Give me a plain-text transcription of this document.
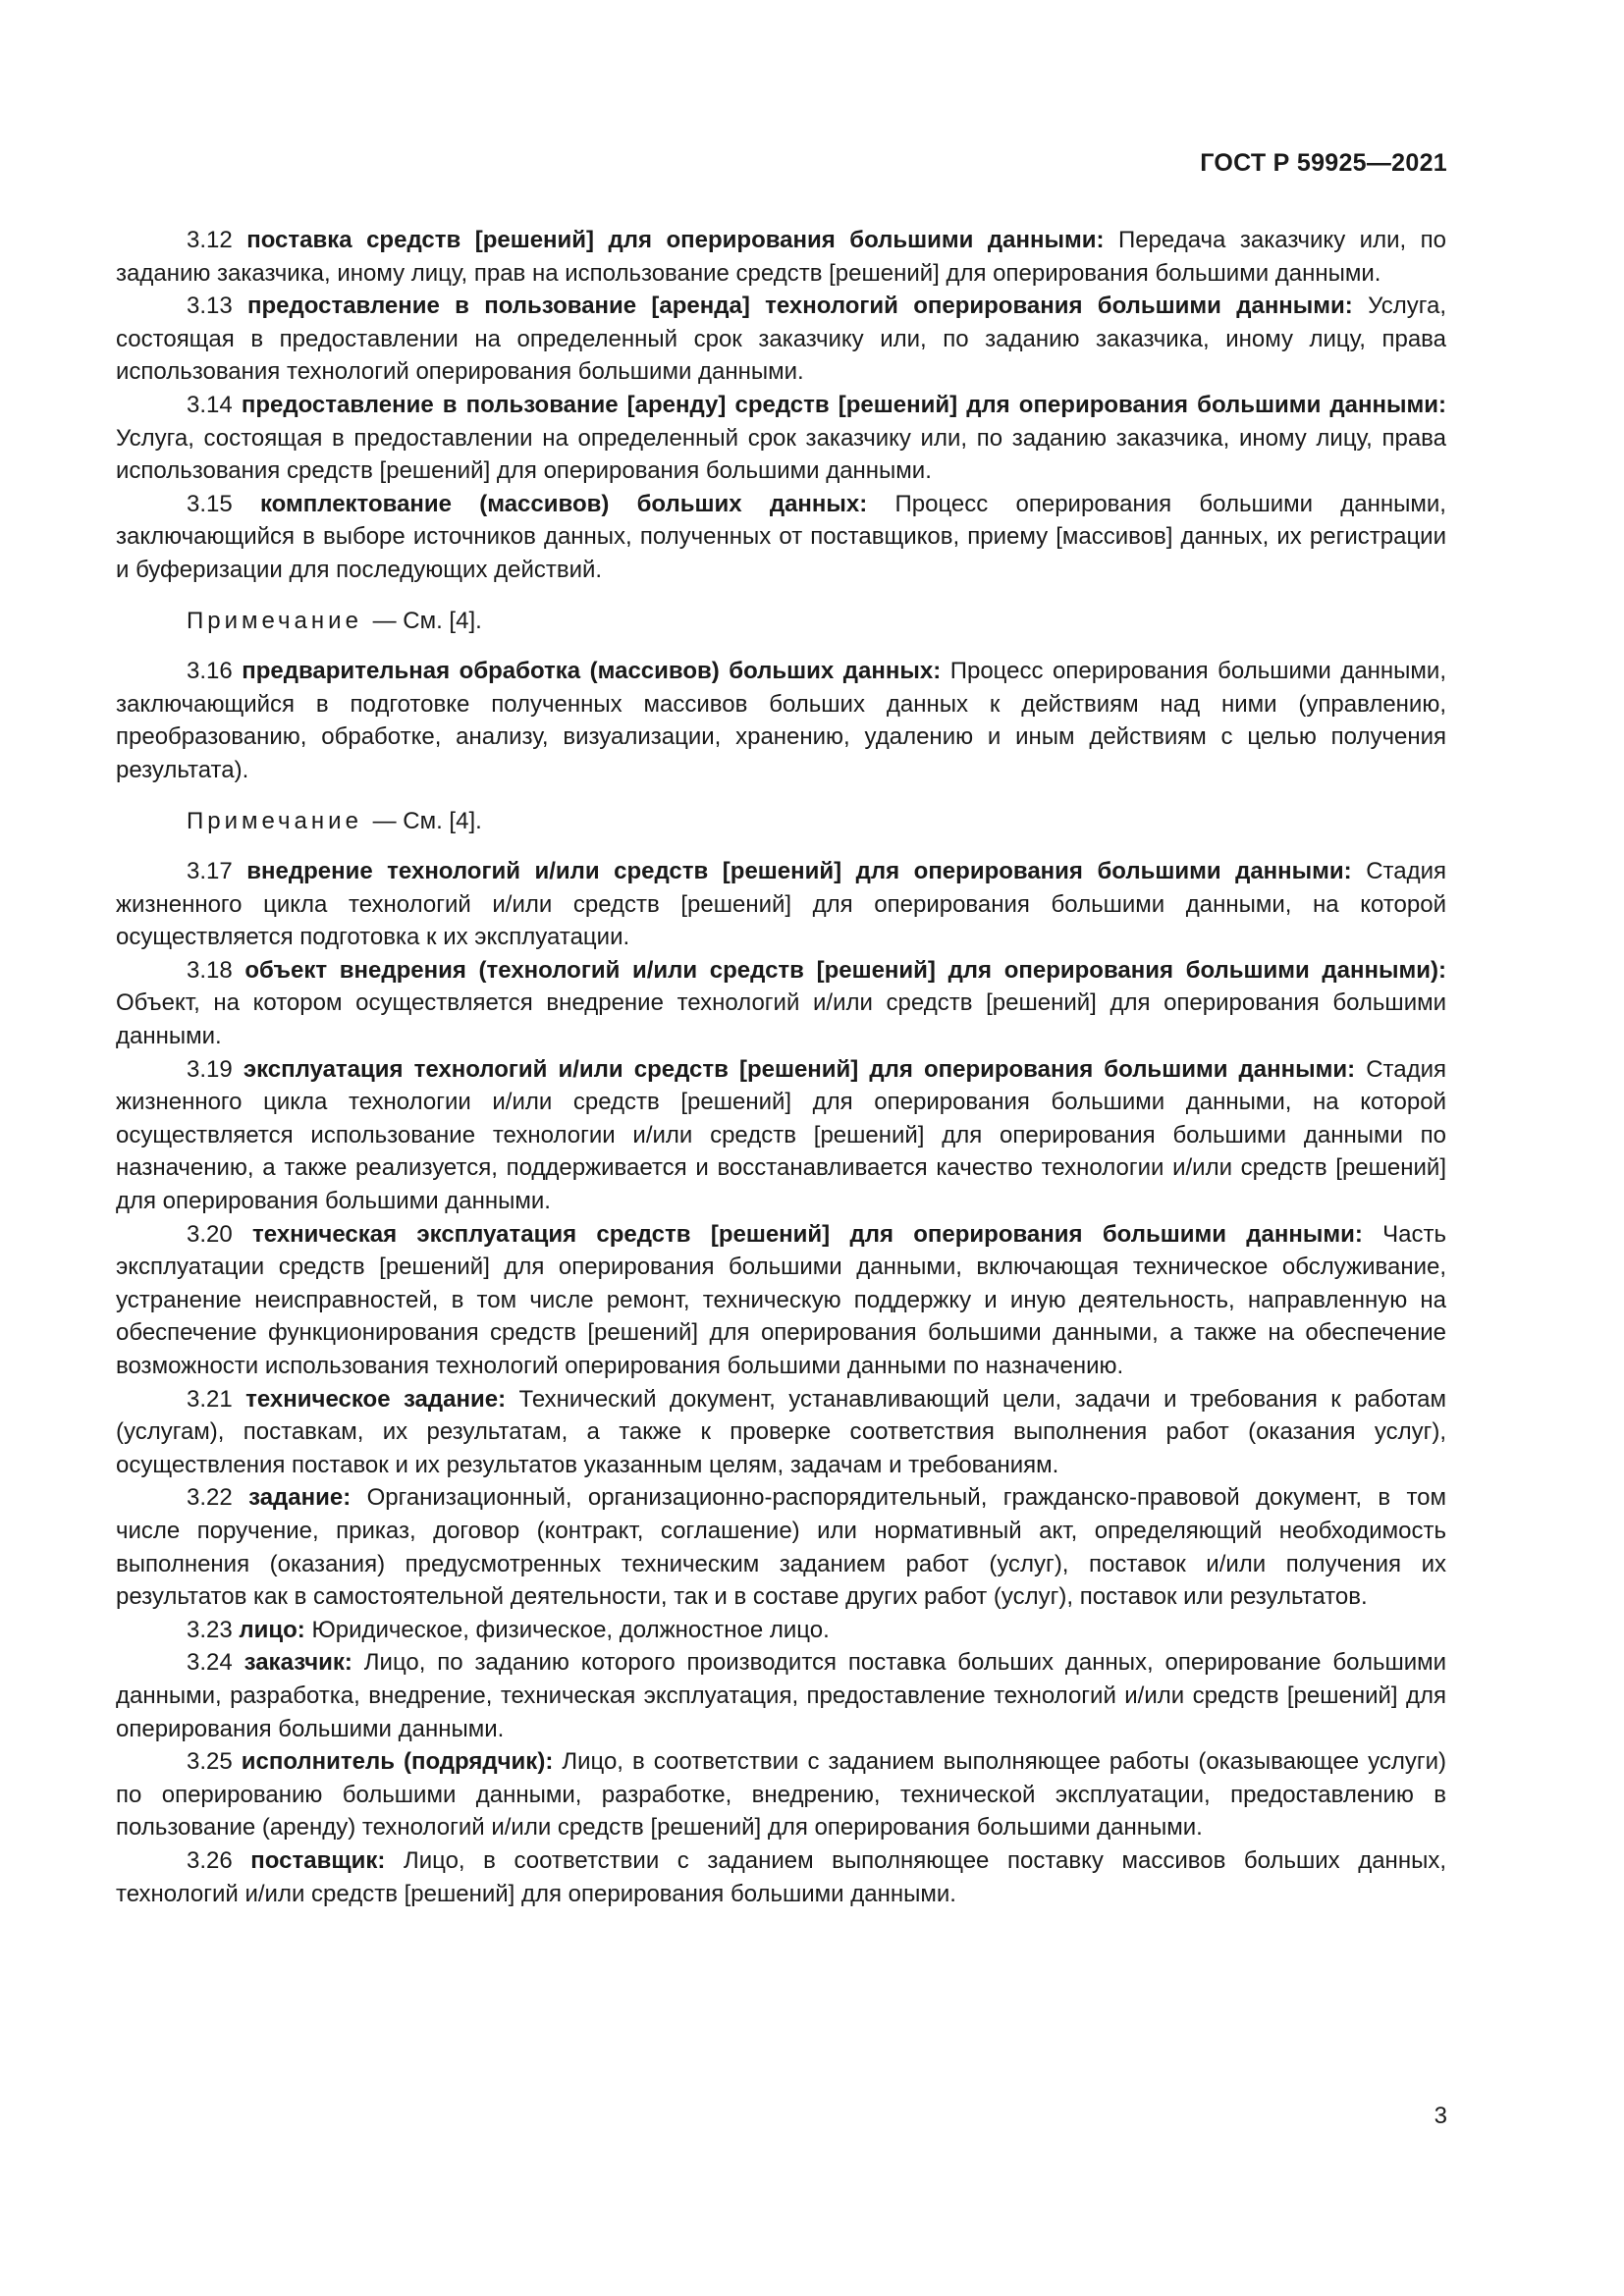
ГОСТ Р 59925—2021

3.12 поставка средств [решений] для оперирования большими данными: Передача заказчику или, по заданию заказчика, иному лицу, прав на использование средств [решений] для оперирования большими данными.

3.13 предоставление в пользование [аренда] технологий оперирования большими данными: Услуга, состоящая в предоставлении на определенный срок заказчику или, по заданию заказчика, иному лицу, права использования технологий оперирования большими данными.

3.14 предоставление в пользование [аренду] средств [решений] для оперирования большими данными: Услуга, состоящая в предоставлении на определенный срок заказчику или, по заданию заказчика, иному лицу, права использования средств [решений] для оперирования большими данными.

3.15 комплектование (массивов) больших данных: Процесс оперирования большими данными, заключающийся в выборе источников данных, полученных от поставщиков, приему [массивов] данных, их регистрации и буферизации для последующих действий.

Примечание — См. [4].

3.16 предварительная обработка (массивов) больших данных: Процесс оперирования большими данными, заключающийся в подготовке полученных массивов больших данных к действиям над ними (управлению, преобразованию, обработке, анализу, визуализации, хранению, удалению и иным действиям с целью получения результата).

Примечание — См. [4].

3.17 внедрение технологий и/или средств [решений] для оперирования большими данными: Стадия жизненного цикла технологий и/или средств [решений] для оперирования большими данными, на которой осуществляется подготовка к их эксплуатации.

3.18 объект внедрения (технологий и/или средств [решений] для оперирования большими данными): Объект, на котором осуществляется внедрение технологий и/или средств [решений] для оперирования большими данными.

3.19 эксплуатация технологий и/или средств [решений] для оперирования большими данными: Стадия жизненного цикла технологии и/или средств [решений] для оперирования большими данными, на которой осуществляется использование технологии и/или средств [решений] для оперирования большими данными по назначению, а также реализуется, поддерживается и восстанавливается качество технологии и/или средств [решений] для оперирования большими данными.

3.20 техническая эксплуатация средств [решений] для оперирования большими данными: Часть эксплуатации средств [решений] для оперирования большими данными, включающая техническое обслуживание, устранение неисправностей, в том числе ремонт, техническую поддержку и иную деятельность, направленную на обеспечение функционирования средств [решений] для оперирования большими данными, а также на обеспечение возможности использования технологий оперирования большими данными по назначению.

3.21 техническое задание: Технический документ, устанавливающий цели, задачи и требования к работам (услугам), поставкам, их результатам, а также к проверке соответствия выполнения работ (оказания услуг), осуществления поставок и их результатов указанным целям, задачам и требованиям.

3.22 задание: Организационный, организационно-распорядительный, гражданско-правовой документ, в том числе поручение, приказ, договор (контракт, соглашение) или нормативный акт, определяющий необходимость выполнения (оказания) предусмотренных техническим заданием работ (услуг), поставок и/или получения их результатов как в самостоятельной деятельности, так и в составе других работ (услуг), поставок или результатов.

3.23 лицо: Юридическое, физическое, должностное лицо.

3.24 заказчик: Лицо, по заданию которого производится поставка больших данных, оперирование большими данными, разработка, внедрение, техническая эксплуатация, предоставление технологий и/или средств [решений] для оперирования большими данными.

3.25 исполнитель (подрядчик): Лицо, в соответствии с заданием выполняющее работы (оказывающее услуги) по оперированию большими данными, разработке, внедрению, технической эксплуатации, предоставлению в пользование (аренду) технологий и/или средств [решений] для оперирования большими данными.

3.26 поставщик: Лицо, в соответствии с заданием выполняющее поставку массивов больших данных, технологий и/или средств [решений] для оперирования большими данными.

3
